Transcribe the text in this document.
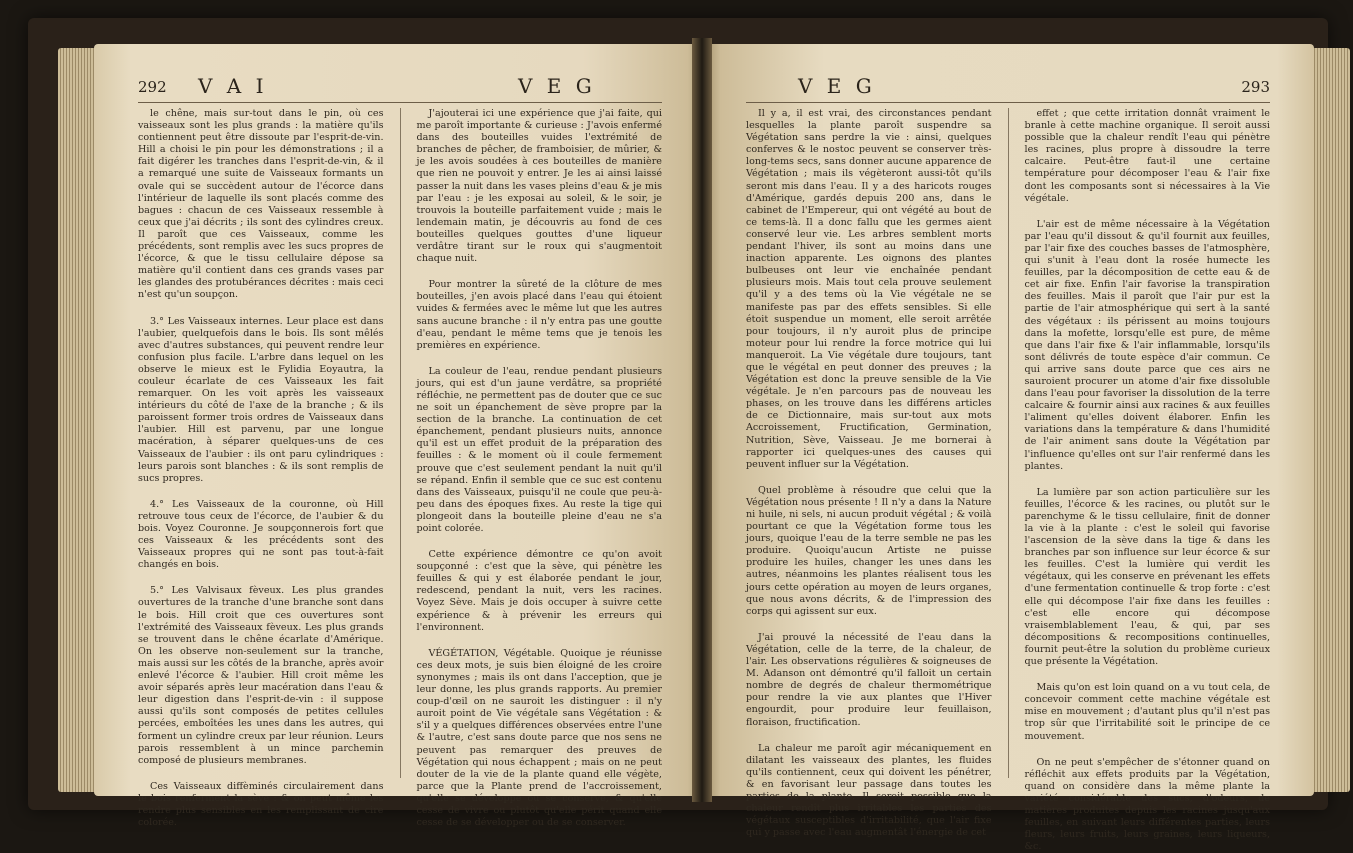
292 V A I	V E G

le chêne, mais sur-tout dans le pin, où ces vaisseaux sont les plus grands : la matière qu'ils contiennent peut être dissoute par l'esprit-de-vin. Hill a choisi le pin pour les démonstrations ; il a fait digérer les tranches dans l'esprit-de-vin, & il a remarqué une suite de Vaisseaux formants un ovale qui se succèdent autour de l'écorce dans l'intérieur de laquelle ils sont placés comme des bagues : chacun de ces Vaisseaux ressemble à ceux que j'ai décrits ; ils sont des cylindres creux. Il paroît que ces Vaisseaux, comme les précédents, sont remplis avec les sucs propres de l'écorce, & que le tissu cellulaire dépose sa matière qu'il contient dans ces grands vases par les glandes des protubérances décrites : mais ceci n'est qu'un soupçon.

3.° Les Vaisseaux internes. Leur place est dans l'aubier, quelquefois dans le bois. Ils sont mêlés avec d'autres substances, qui peuvent rendre leur confusion plus facile. L'arbre dans lequel on les observe le mieux est le Fylidia Eoyautra, la couleur écarlate de ces Vaisseaux les fait remarquer. On les voit après les vaisseaux intérieurs du côté de l'axe de la branche ; & ils paroissent former trois ordres de Vaisseaux dans l'aubier. Hill est parvenu, par une longue macération, à séparer quelques-uns de ces Vaisseaux de l'aubier : ils ont paru cylindriques : leurs parois sont blanches : & ils sont remplis de sucs propres.

4.° Les Vaisseaux de la couronne, où Hill retrouve tous ceux de l'écorce, de l'aubier & du bois. Voyez Couronne. Je soupçonnerois fort que ces Vaisseaux & les précédents sont des Vaisseaux propres qui ne sont pas tout-à-fait changés en bois.

5.° Les Valvisaux fèveux. Les plus grandes ouvertures de la tranche d'une branche sont dans le bois. Hill croit que ces ouvertures sont l'extrémité des Vaisseaux fèveux. Les plus grands se trouvent dans le chêne écarlate d'Amérique. On les observe non-seulement sur la tranche, mais aussi sur les côtés de la branche, après avoir enlevé l'écorce & l'aubier. Hill croit même les avoir séparés après leur macération dans l'eau & leur digestion dans l'esprit-de-vin : il suppose aussi qu'ils sont composés de petites cellules percées, emboîtées les unes dans les autres, qui forment un cylindre creux par leur réunion. Leurs parois ressemblent à un mince parchemin composé de plusieurs membranes.

Ces Vaisseaux diffèminés circulairement dans le bois renferment la sève : & on peut même les rendre plus sensibles en les remplissant de cire colorée.

J'ajouterai ici une expérience que j'ai faite, qui me paroît importante & curieuse : J'avois enfermé dans des bouteilles vuides l'extrémité de branches de pêcher, de framboisier, de mûrier, & je les avois soudées à ces bouteilles de manière que rien ne pouvoit y entrer. Je les ai ainsi laissé passer la nuit dans les vases pleins d'eau & je mis par l'eau : je les exposai au soleil, & le soir, je trouvois la bouteille parfaitement vuide ; mais le lendemain matin, je découvris au fond de ces bouteilles quelques gouttes d'une liqueur verdâtre tirant sur le roux qui s'augmentoit chaque nuit.

Pour montrer la sûreté de la clôture de mes bouteilles, j'en avois placé dans l'eau qui étoient vuides & fermées avec le même lut que les autres sans aucune branche : il n'y entra pas une goutte d'eau, pendant le même tems que je tenois les premières en expérience.

La couleur de l'eau, rendue pendant plusieurs jours, qui est d'un jaune verdâtre, sa propriété réfléchie, ne permettent pas de douter que ce suc ne soit un épanchement de sève propre par la section de la branche. La continuation de cet épanchement, pendant plusieurs nuits, annonce qu'il est un effet produit de la préparation des feuilles : & le moment où il coule fermement prouve que c'est seulement pendant la nuit qu'il se répand. Enfin il semble que ce suc est contenu dans des Vaisseaux, puisqu'il ne coule que peu-à-peu dans des époques fixes. Au reste la tige qui plongeoit dans la bouteille pleine d'eau ne s'a point colorée.

Cette expérience démontre ce qu'on avoit soupçonné : c'est que la sève, qui pénètre les feuilles & qui y est élaborée pendant le jour, redescend, pendant la nuit, vers les racines. Voyez Sève. Mais je dois occuper à suivre cette expérience & à prévenir les erreurs qui l'environnent.

VÉGÉTATION, Végétable. Quoique je réunisse ces deux mots, je suis bien éloigné de les croire synonymes ; mais ils ont dans l'acception, que je leur donne, les plus grands rapports. Au premier coup-d'œil on ne sauroit les distinguer : il n'y auroit point de Vie végétale sans Végétation : & s'il y a quelques différences observées entre l'une & l'autre, c'est sans doute parce que nos sens ne peuvent pas remarquer des preuves de Végétation qui nous échappent ; mais on ne peut douter de la vie de la plante quand elle végète, parce que la Plante prend de l'accroissement, qu'elle se développe ou se conserve, & qu'elle cesse de vivre ou plutôt qu'elle périt quand elle cesse de se développer ou de se conserver.

V E G	293

Il y a, il est vrai, des circonstances pendant lesquelles la plante paroît suspendre sa Végétation sans perdre la vie : ainsi, quelques conferves & le nostoc peuvent se conserver très-long-tems secs, sans donner aucune apparence de Végétation ; mais ils végèteront aussi-tôt qu'ils seront mis dans l'eau. Il y a des haricots rouges d'Amérique, gardés depuis 200 ans, dans le cabinet de l'Empereur, qui ont végété au bout de ce tems-là. Il a donc fallu que les germes aient conservé leur vie. Les arbres semblent morts pendant l'hiver, ils sont au moins dans une inaction apparente. Les oignons des plantes bulbeuses ont leur vie enchaînée pendant plusieurs mois. Mais tout cela prouve seulement qu'il y a des tems où la Vie végétale ne se manifeste pas par des effets sensibles. Si elle étoit suspendue un moment, elle seroit arrêtée pour toujours, il n'y auroit plus de principe moteur pour lui rendre la force motrice qui lui manqueroit. La Vie végétale dure toujours, tant que le végétal en peut donner des preuves ; la Végétation est donc la preuve sensible de la Vie végétale. Je n'en parcours pas de nouveau les phases, on les trouve dans les différens articles de ce Dictionnaire, mais sur-tout aux mots Accroissement, Fructification, Germination, Nutrition, Sève, Vaisseau. Je me bornerai à rapporter ici quelques-unes des causes qui peuvent influer sur la Végétation.

Quel problème à résoudre que celui que la Végétation nous présente ! Il n'y a dans la Nature ni huile, ni sels, ni aucun produit végétal ; & voilà pourtant ce que la Végétation forme tous les jours, quoique l'eau de la terre semble ne pas les produire. Quoiqu'aucun Artiste ne puisse produire les huiles, changer les unes dans les autres, néanmoins les plantes réalisent tous les jours cette opération au moyen de leurs organes, que nous avons décrits, & de l'impression des corps qui agissent sur eux.

J'ai prouvé la nécessité de l'eau dans la Végétation, celle de la terre, de la chaleur, de l'air. Les observations régulières & soigneuses de M. Adanson ont démontré qu'il falloit un certain nombre de degrés de chaleur thermométrique pour rendre la vie aux plantes que l'Hiver engourdit, pour produire leur feuillaison, floraison, fructification.

La chaleur me paroît agir mécaniquement en dilatant les vaisseaux des plantes, les fluides qu'ils contiennent, ceux qui doivent les pénétrer, & en favorisant leur passage dans toutes les parties de la plante. Il seroit possible que la chaleur rendît plus irritables les parties des végétaux susceptibles d'irritabilité, que l'air fixe qui y passe avec l'eau augmentât l'énergie de cet

effet ; que cette irritation donnât vraiment le branle à cette machine organique. Il seroit aussi possible que la chaleur rendît l'eau qui pénètre les racines, plus propre à dissoudre la terre calcaire. Peut-être faut-il une certaine température pour décomposer l'eau & l'air fixe dont les composants sont si nécessaires à la Vie végétale.

L'air est de même nécessaire à la Végétation par l'eau qu'il dissout & qu'il fournit aux feuilles, par l'air fixe des couches basses de l'atmosphère, qui s'unit à l'eau dont la rosée humecte les feuilles, par la décomposition de cette eau & de cet air fixe. Enfin l'air favorise la transpiration des feuilles. Mais il paroît que l'air pur est la partie de l'air atmosphérique qui sert à la santé des végétaux : ils périssent au moins toujours dans la mofette, lorsqu'elle est pure, de même que dans l'air fixe & l'air inflammable, lorsqu'ils sont délivrés de toute espèce d'air commun. Ce qui arrive sans doute parce que ces airs ne sauroient procurer un atome d'air fixe dissoluble dans l'eau pour favoriser la dissolution de la terre calcaire & fournir ainsi aux racines & aux feuilles l'aliment qu'elles doivent élaborer. Enfin les variations dans la température & dans l'humidité de l'air animent sans doute la Végétation par l'influence qu'elles ont sur l'air renfermé dans les plantes.

La lumière par son action particulière sur les feuilles, l'écorce & les racines, ou plutôt sur le parenchyme & le tissu cellulaire, finit de donner la vie à la plante : c'est le soleil qui favorise l'ascension de la sève dans la tige & dans les branches par son influence sur leur écorce & sur les feuilles. C'est la lumière qui verdit les végétaux, qui les conserve en prévenant les effets d'une fermentation continuelle & trop forte : c'est elle qui décompose l'air fixe dans les feuilles : c'est elle encore qui décompose vraisemblablement l'eau, & qui, par ses décompositions & recompositions continuelles, fournit peut-être la solution du problème curieux que présente la Végétation.

Mais qu'on est loin quand on a vu tout cela, de concevoir comment cette machine végétale est mise en mouvement ; d'autant plus qu'il n'est pas trop sûr que l'irritabilité soit le principe de ce mouvement.

On ne peut s'empêcher de s'étonner quand on réfléchit aux effets produits par la Végétation, quand on considère dans la même plante la variété considérable des sucs, d'odeurs, de matières produites depuis les racines jusqu'aux feuilles, en suivant leurs différentes parties, leurs fleurs, leurs fruits, leurs graines, leurs liqueurs, &c.
